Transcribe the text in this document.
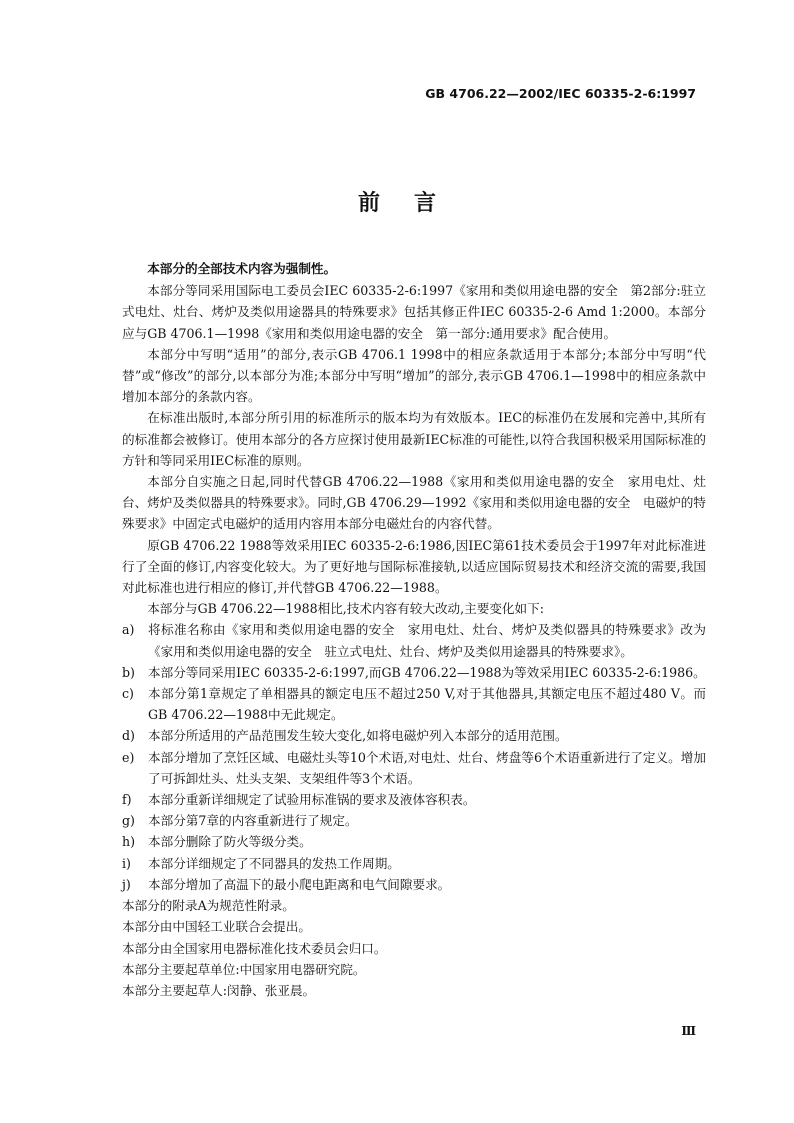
GB 4706.22—2002/IEC 60335-2-6:1997
前言

本部分的全部技术内容为强制性。

本部分等同采用国际电工委员会IEC 60335-2-6:1997《家用和类似用途电器的安全　第2部分:驻立式电灶、灶台、烤炉及类似用途器具的特殊要求》包括其修正件IEC 60335-2-6 Amd 1:2000。本部分应与GB 4706.1—1998《家用和类似用途电器的安全　第一部分:通用要求》配合使用。

本部分中写明“适用”的部分,表示GB 4706.1 1998中的相应条款适用于本部分;本部分中写明“代替”或“修改”的部分,以本部分为准;本部分中写明“增加”的部分,表示GB 4706.1—1998中的相应条款中增加本部分的条款内容。

在标准出版时,本部分所引用的标准所示的版本均为有效版本。IEC的标准仍在发展和完善中,其所有的标准都会被修订。使用本部分的各方应探讨使用最新IEC标准的可能性,以符合我国积极采用国际标准的方针和等同采用IEC标准的原则。

本部分自实施之日起,同时代替GB 4706.22—1988《家用和类似用途电器的安全　家用电灶、灶台、烤炉及类似器具的特殊要求》。同时,GB 4706.29—1992《家用和类似用途电器的安全　电磁炉的特殊要求》中固定式电磁炉的适用内容用本部分电磁灶台的内容代替。

原GB 4706.22 1988等效采用IEC 60335-2-6:1986,因IEC第61技术委员会于1997年对此标准进行了全面的修订,内容变化较大。为了更好地与国际标准接轨,以适应国际贸易技术和经济交流的需要,我国对此标准也进行相应的修订,并代替GB 4706.22—1988。

本部分与GB 4706.22—1988相比,技术内容有较大改动,主要变化如下:

a)	将标准名称由《家用和类似用途电器的安全　家用电灶、灶台、烤炉及类似器具的特殊要求》改为《家用和类似用途电器的安全　驻立式电灶、灶台、烤炉及类似用途器具的特殊要求》。
b)	本部分等同采用IEC 60335-2-6:1997,而GB 4706.22—1988为等效采用IEC 60335-2-6:1986。
c)	本部分第1章规定了单相器具的额定电压不超过250 V,对于其他器具,其额定电压不超过480 V。而GB 4706.22—1988中无此规定。
d)	本部分所适用的产品范围发生较大变化,如将电磁炉列入本部分的适用范围。
e)	本部分增加了烹饪区域、电磁灶头等10个术语,对电灶、灶台、烤盘等6个术语重新进行了定义。增加了可拆卸灶头、灶头支架、支架组件等3个术语。
f)	本部分重新详细规定了试验用标准锅的要求及液体容积表。
g)	本部分第7章的内容重新进行了规定。
h)	本部分删除了防火等级分类。
i)	本部分详细规定了不同器具的发热工作周期。
j)	本部分增加了高温下的最小爬电距离和电气间隙要求。

本部分的附录A为规范性附录。

本部分由中国轻工业联合会提出。

本部分由全国家用电器标准化技术委员会归口。

本部分主要起草单位:中国家用电器研究院。

本部分主要起草人:闵静、张亚晨。

Ⅲ
